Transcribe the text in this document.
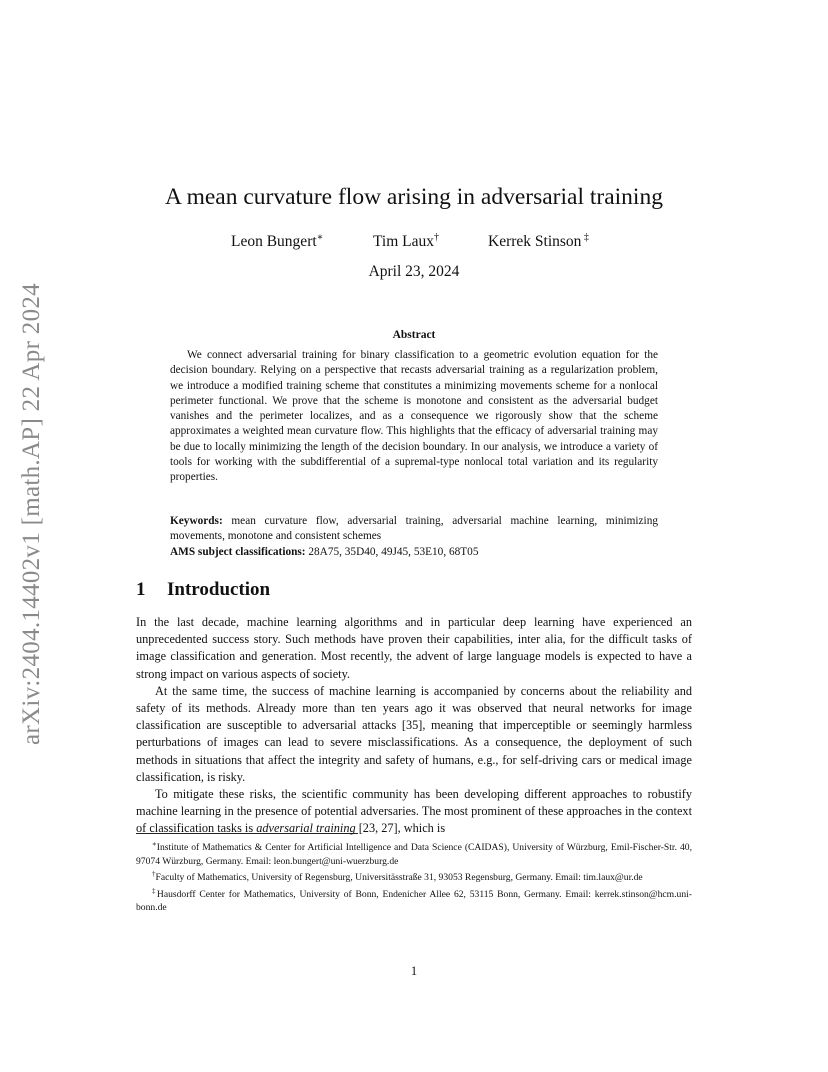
arXiv:2404.14402v1 [math.AP] 22 Apr 2024
A mean curvature flow arising in adversarial training
Leon Bungert∗	Tim Laux†	Kerrek Stinson ‡
April 23, 2024
Abstract
We connect adversarial training for binary classification to a geometric evolution equation for the decision boundary. Relying on a perspective that recasts adversarial training as a regularization problem, we introduce a modified training scheme that constitutes a minimizing movements scheme for a nonlocal perimeter functional. We prove that the scheme is monotone and consistent as the adversarial budget vanishes and the perimeter localizes, and as a consequence we rigorously show that the scheme approximates a weighted mean curvature flow. This highlights that the efficacy of adversarial training may be due to locally minimizing the length of the decision boundary. In our analysis, we introduce a variety of tools for working with the subdifferential of a supremal-type nonlocal total variation and its regularity properties.
Keywords: mean curvature flow, adversarial training, adversarial machine learning, minimizing movements, monotone and consistent schemes
AMS subject classifications: 28A75, 35D40, 49J45, 53E10, 68T05
1 Introduction

In the last decade, machine learning algorithms and in particular deep learning have experienced an unprecedented success story. Such methods have proven their capabilities, inter alia, for the difficult tasks of image classification and generation. Most recently, the advent of large language models is expected to have a strong impact on various aspects of society.

At the same time, the success of machine learning is accompanied by concerns about the reliability and safety of its methods. Already more than ten years ago it was observed that neural networks for image classification are susceptible to adversarial attacks [35], meaning that imperceptible or seemingly harmless perturbations of images can lead to severe misclassifications. As a consequence, the deployment of such methods in situations that affect the integrity and safety of humans, e.g., for self-driving cars or medical image classification, is risky.

To mitigate these risks, the scientific community has been developing different approaches to robustify machine learning in the presence of potential adversaries. The most prominent of these approaches in the context of classification tasks is adversarial training [23, 27], which is

∗Institute of Mathematics & Center for Artificial Intelligence and Data Science (CAIDAS), University of Würzburg, Emil-Fischer-Str. 40, 97074 Würzburg, Germany. Email: leon.bungert@uni-wuerzburg.de

†Faculty of Mathematics, University of Regensburg, Universitässtraße 31, 93053 Regensburg, Germany. Email: tim.laux@ur.de

‡Hausdorff Center for Mathematics, University of Bonn, Endenicher Allee 62, 53115 Bonn, Germany. Email: kerrek.stinson@hcm.uni-bonn.de

1
